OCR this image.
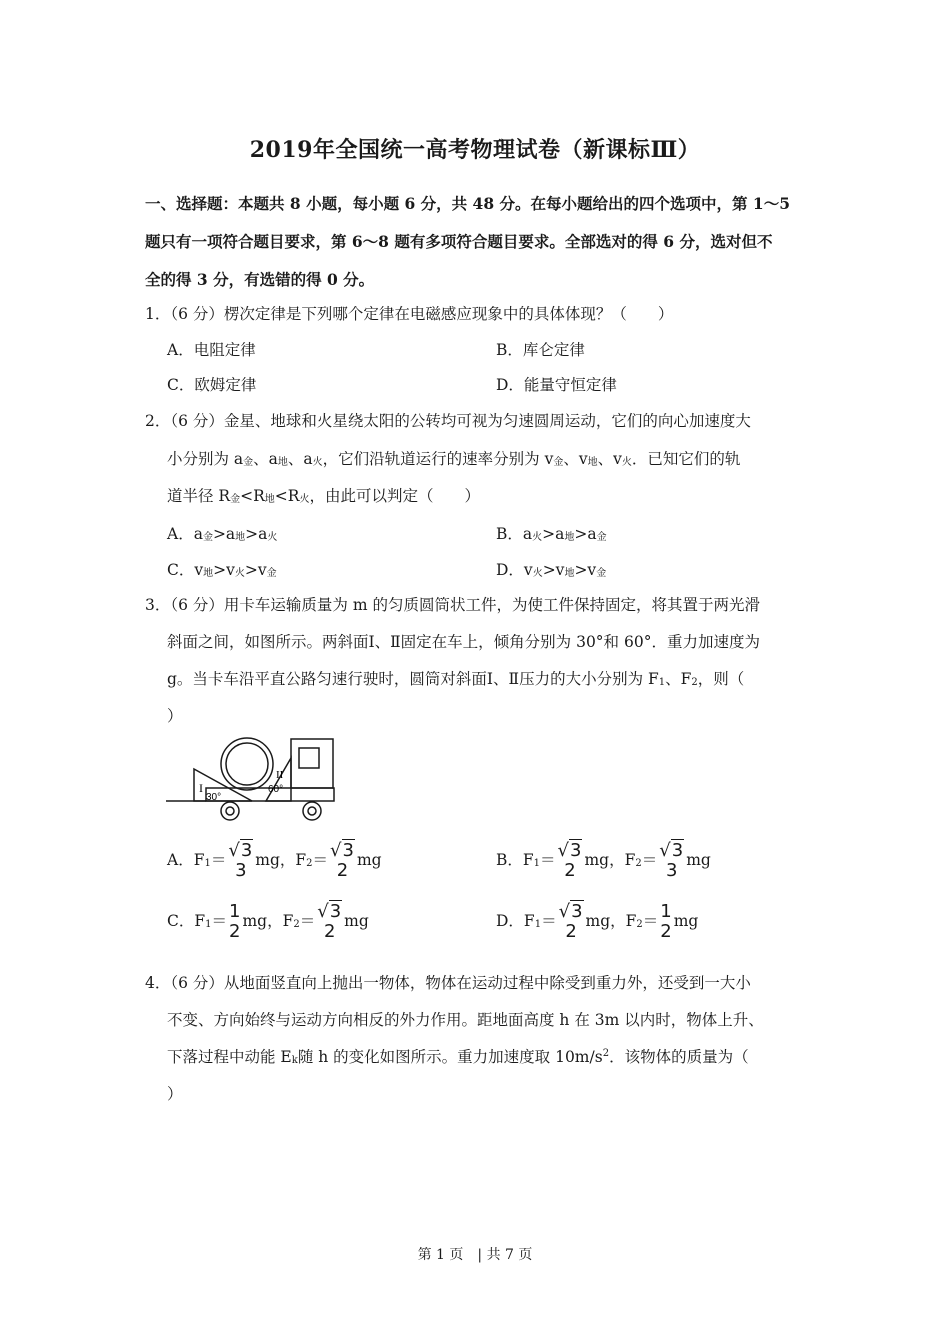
2019年全国统一高考物理试卷（新课标Ⅲ）
一、选择题：本题共 8 小题，每小题 6 分，共 48 分。在每小题给出的四个选项中，第 1～5
题只有一项符合题目要求，第 6～8 题有多项符合题目要求。全部选对的得 6 分，选对但不
全的得 3 分，有选错的得 0 分。
1．（6 分）楞次定律是下列哪个定律在电磁感应现象中的具体体现？（　　）
A．电阻定律	B．库仑定律
C．欧姆定律	D．能量守恒定律
2．（6 分）金星、地球和火星绕太阳的公转均可视为匀速圆周运动，它们的向心加速度大
小分别为 a金、a地、a火，它们沿轨道运行的速率分别为 v金、v地、v火．已知它们的轨
道半径 R金<R地<R火，由此可以判定（　　）
A．a金>a地>a火	B．a火>a地>a金
C．v地>v火>v金	D．v火>v地>v金
3．（6 分）用卡车运输质量为 m 的匀质圆筒状工件，为使工件保持固定，将其置于两光滑
斜面之间，如图所示。两斜面Ⅰ、Ⅱ固定在车上，倾角分别为 30°和 60°．重力加速度为
g。当卡车沿平直公路匀速行驶时，圆筒对斜面Ⅰ、Ⅱ压力的大小分别为 F1、F2，则（
）
I
II
30°
60°
A．F1＝ √3
3 mg，F2＝ √3
2 mg	B．F1＝ √3
2 mg，F2＝ √3
3 mg
C．F1＝ 1
2 mg，F2＝ √3
2 mg	D．F1＝ √3
2 mg，F2＝ 1
2 mg
4．（6 分）从地面竖直向上抛出一物体，物体在运动过程中除受到重力外，还受到一大小
不变、方向始终与运动方向相反的外力作用。距地面高度 h 在 3m 以内时，物体上升、
下落过程中动能 Ek随 h 的变化如图所示。重力加速度取 $10m/s^2$．该物体的质量为（
）
第 1 页　| 共 7 页
